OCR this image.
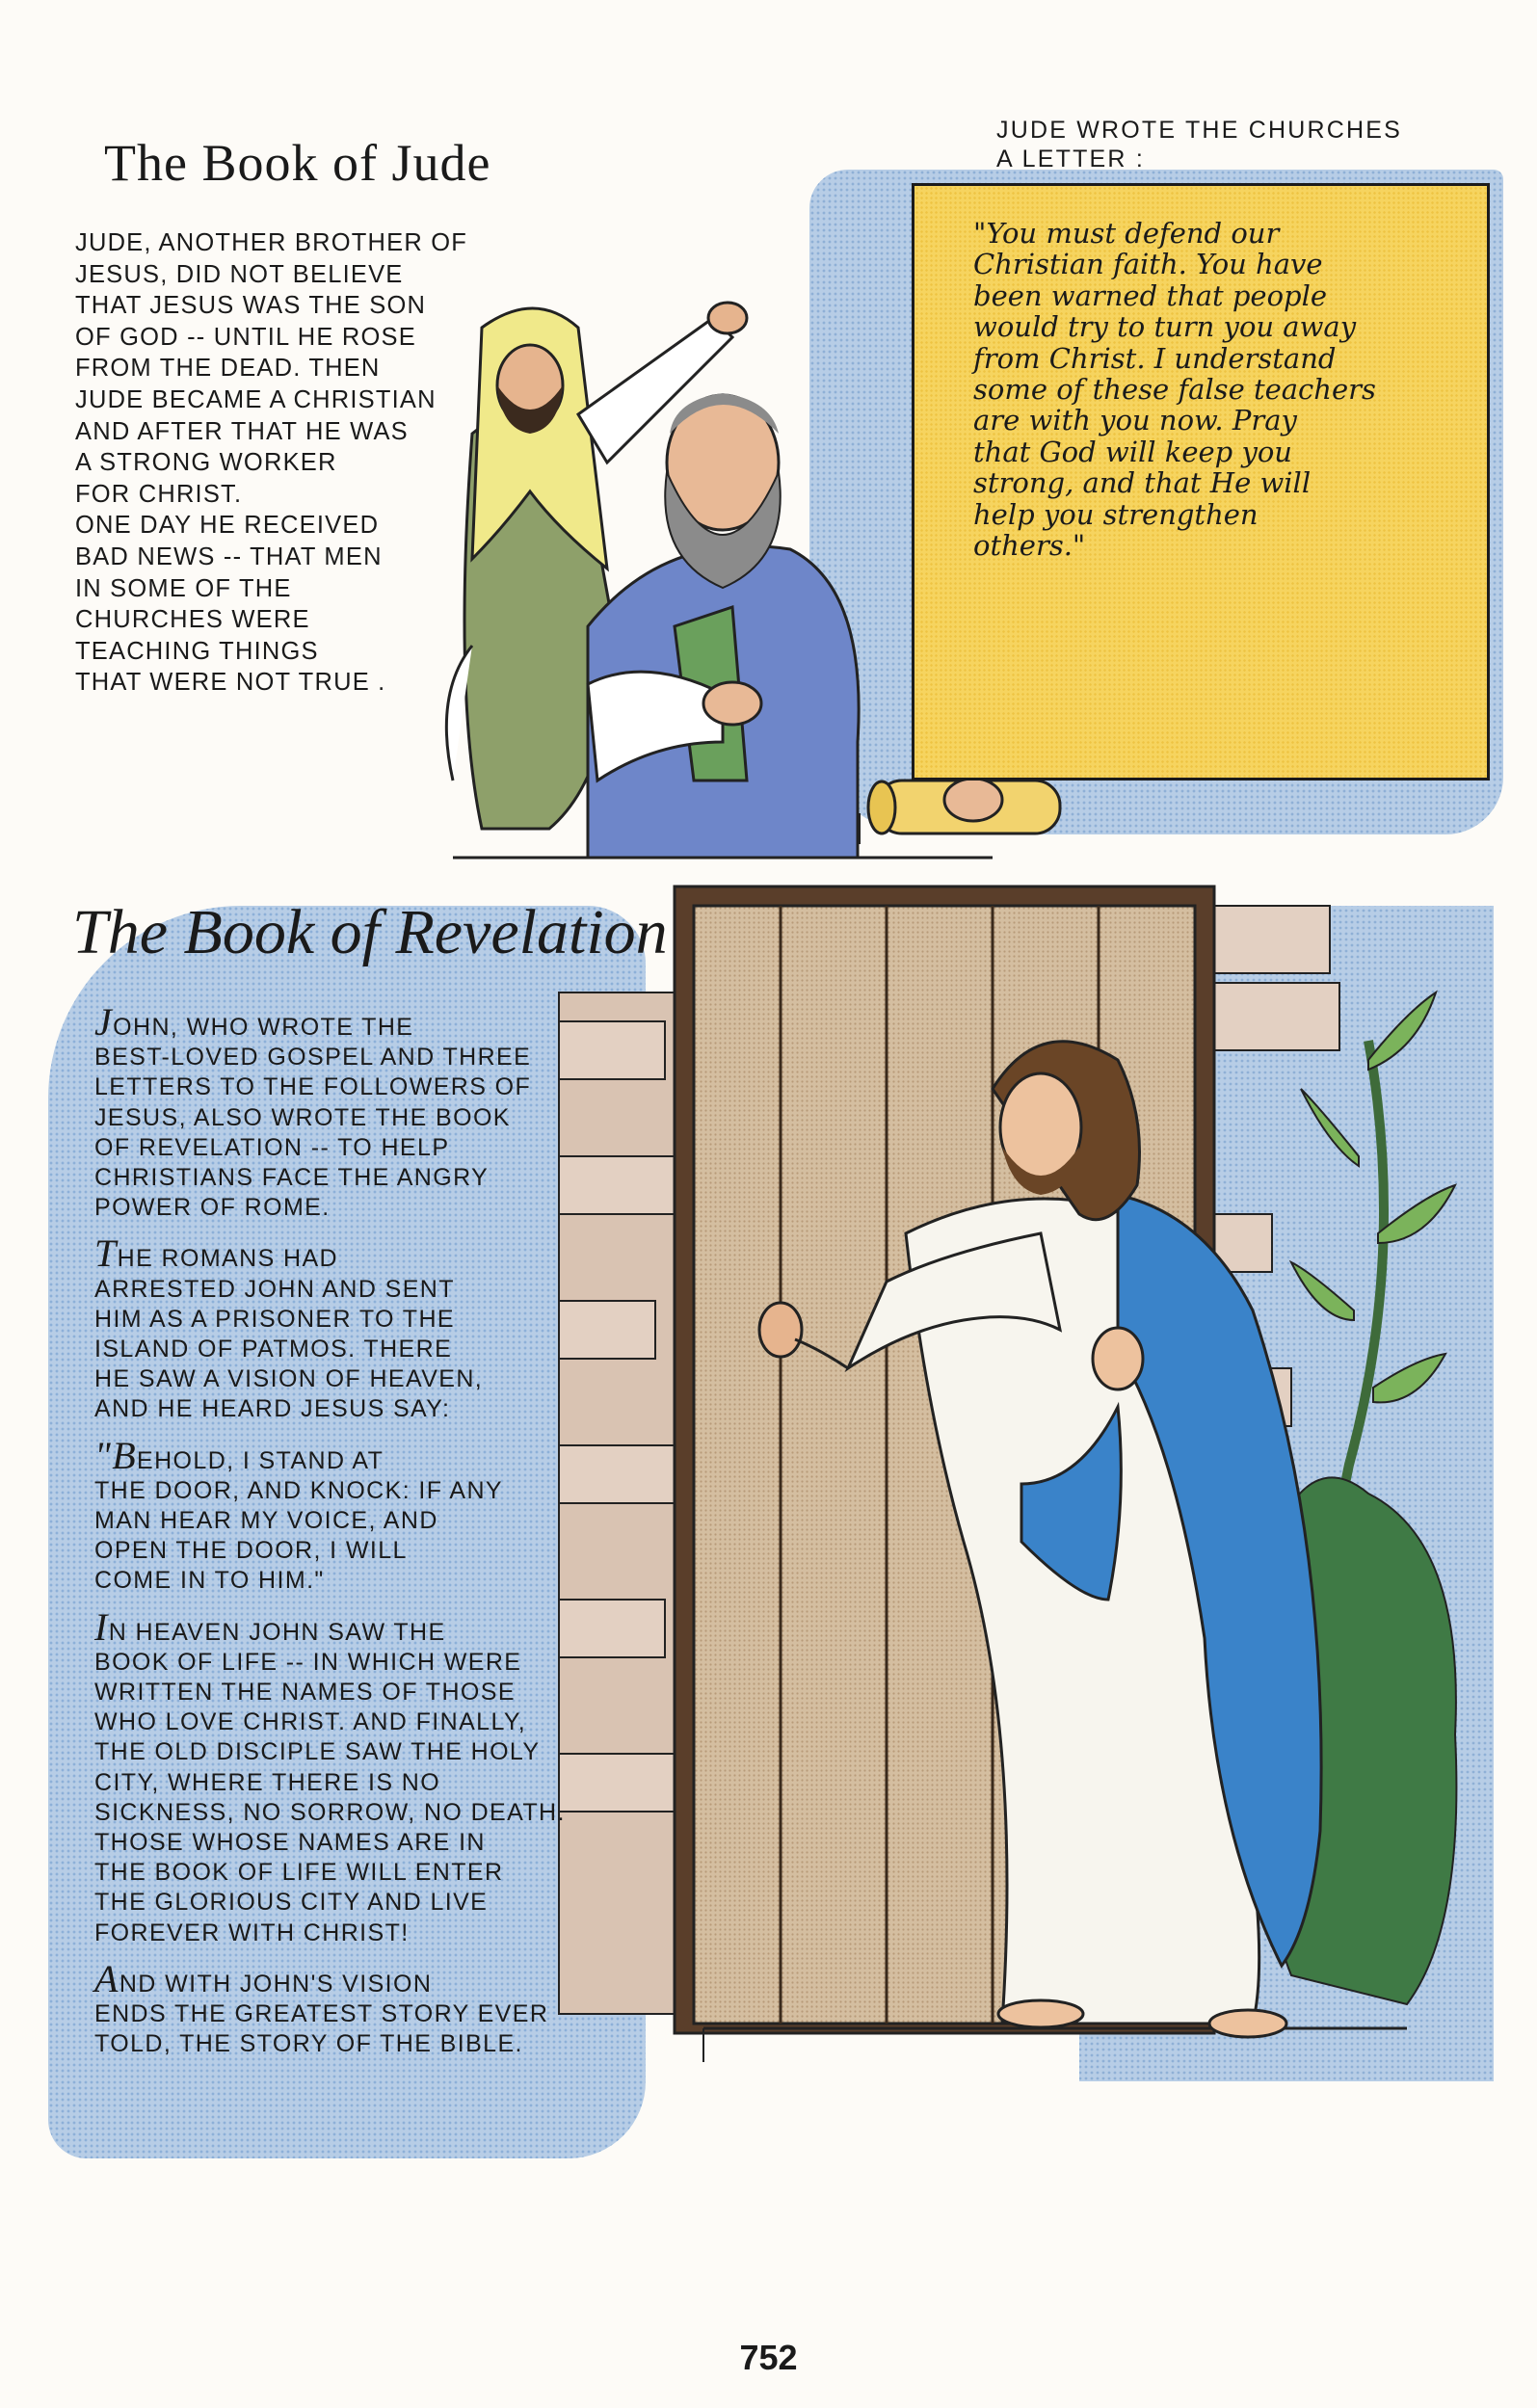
The Book of Jude
JUDE, ANOTHER BROTHER OF
JESUS, DID NOT BELIEVE
THAT JESUS WAS THE SON
OF GOD -- UNTIL HE ROSE
FROM THE DEAD. THEN
JUDE BECAME A CHRISTIAN
AND AFTER THAT HE WAS
A STRONG WORKER
FOR CHRIST.
ONE DAY HE RECEIVED
BAD NEWS -- THAT MEN
IN SOME OF THE
CHURCHES WERE
TEACHING THINGS
THAT WERE NOT TRUE .
JUDE WROTE THE CHURCHES
A LETTER :
"You must defend our
Christian faith. You have
been warned that people
would try to turn you away
from Christ. I understand
some of these false teachers
are with you now. Pray
that God will keep you
strong, and that He will
help you strengthen
others."
The Book of Revelation

JOHN, WHO WROTE THE
BEST-LOVED GOSPEL AND THREE
LETTERS TO THE FOLLOWERS OF
JESUS, ALSO WROTE THE BOOK
OF REVELATION -- TO HELP
CHRISTIANS FACE THE ANGRY
POWER OF ROME.

THE ROMANS HAD
ARRESTED JOHN AND SENT
HIM AS A PRISONER TO THE
ISLAND OF PATMOS. THERE
HE SAW A VISION OF HEAVEN,
AND HE HEARD JESUS SAY:

"BEHOLD, I STAND AT
THE DOOR, AND KNOCK: IF ANY
MAN HEAR MY VOICE, AND
OPEN THE DOOR, I WILL
COME IN TO HIM."

IN HEAVEN JOHN SAW THE
BOOK OF LIFE -- IN WHICH WERE
WRITTEN THE NAMES OF THOSE
WHO LOVE CHRIST. AND FINALLY,
THE OLD DISCIPLE SAW THE HOLY
CITY, WHERE THERE IS NO
SICKNESS, NO SORROW, NO DEATH.
THOSE WHOSE NAMES ARE IN
THE BOOK OF LIFE WILL ENTER
THE GLORIOUS CITY AND LIVE
FOREVER WITH CHRIST!

AND WITH JOHN'S VISION
ENDS THE GREATEST STORY EVER
TOLD, THE STORY OF THE BIBLE.

752
